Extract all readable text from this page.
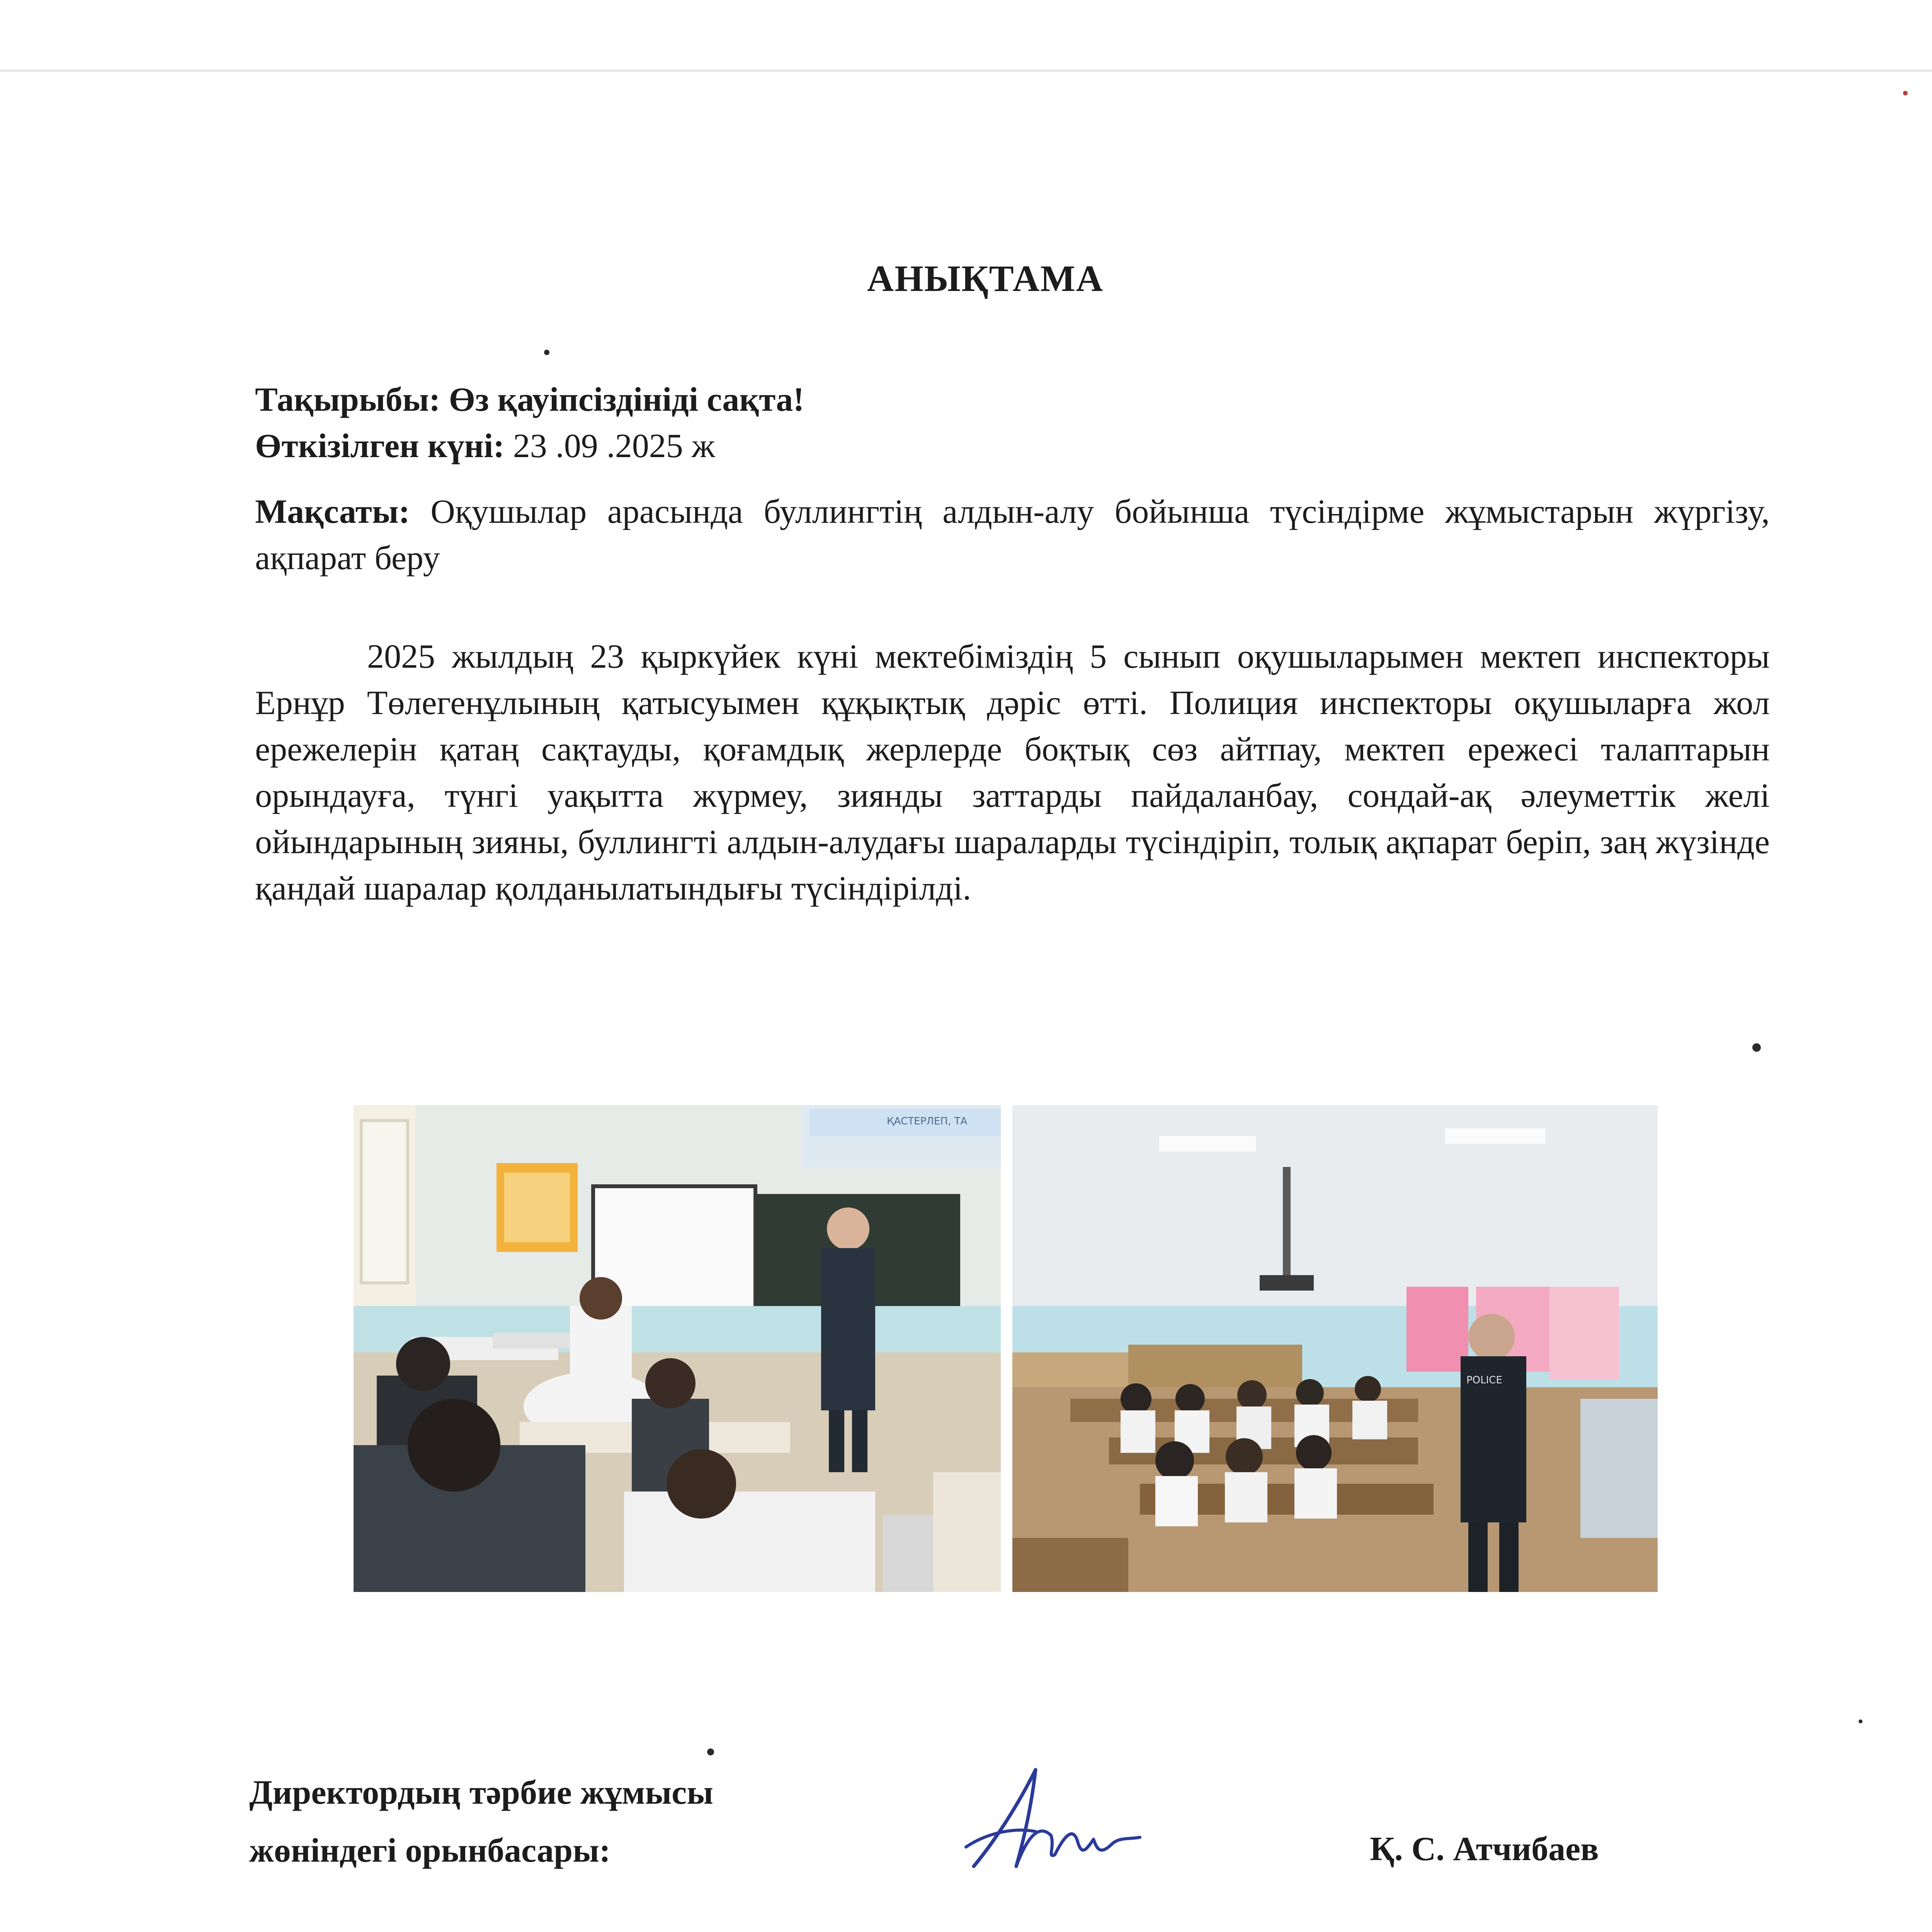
АНЫҚТАМА
Тақырыбы: Өз қауіпсіздініді сақта!
Өткізілген күні: 23 .09 .2025 ж
Мақсаты: Оқушылар арасында буллингтің алдын-алу бойынша түсіндірме жұмыстарын жүргізу, ақпарат беру
2025 жылдың 23 қыркүйек күні мектебіміздің 5 сынып оқушыларымен мектеп инспекторы Ернұр Төлегенұлының қатысуымен құқықтық дәріс өтті. Полиция инспекторы оқушыларға жол ережелерін қатаң сақтауды, қоғамдық жерлерде боқтық сөз айтпау, мектеп ережесі талаптарын орындауға, түнгі уақытта жүрмеу, зиянды заттарды пайдаланбау, сондай-ақ әлеуметтік желі ойындарының зияны, буллингті алдын-алудағы шараларды түсіндіріп, толық ақпарат беріп, заң жүзінде қандай шаралар қолданылатындығы түсіндірілді.
ҚАСТЕРЛЕП, ТА
POLICE
Директордың тәрбие жұмысы
жөніндегі орынбасары:	Қ. С. Атчибаев
